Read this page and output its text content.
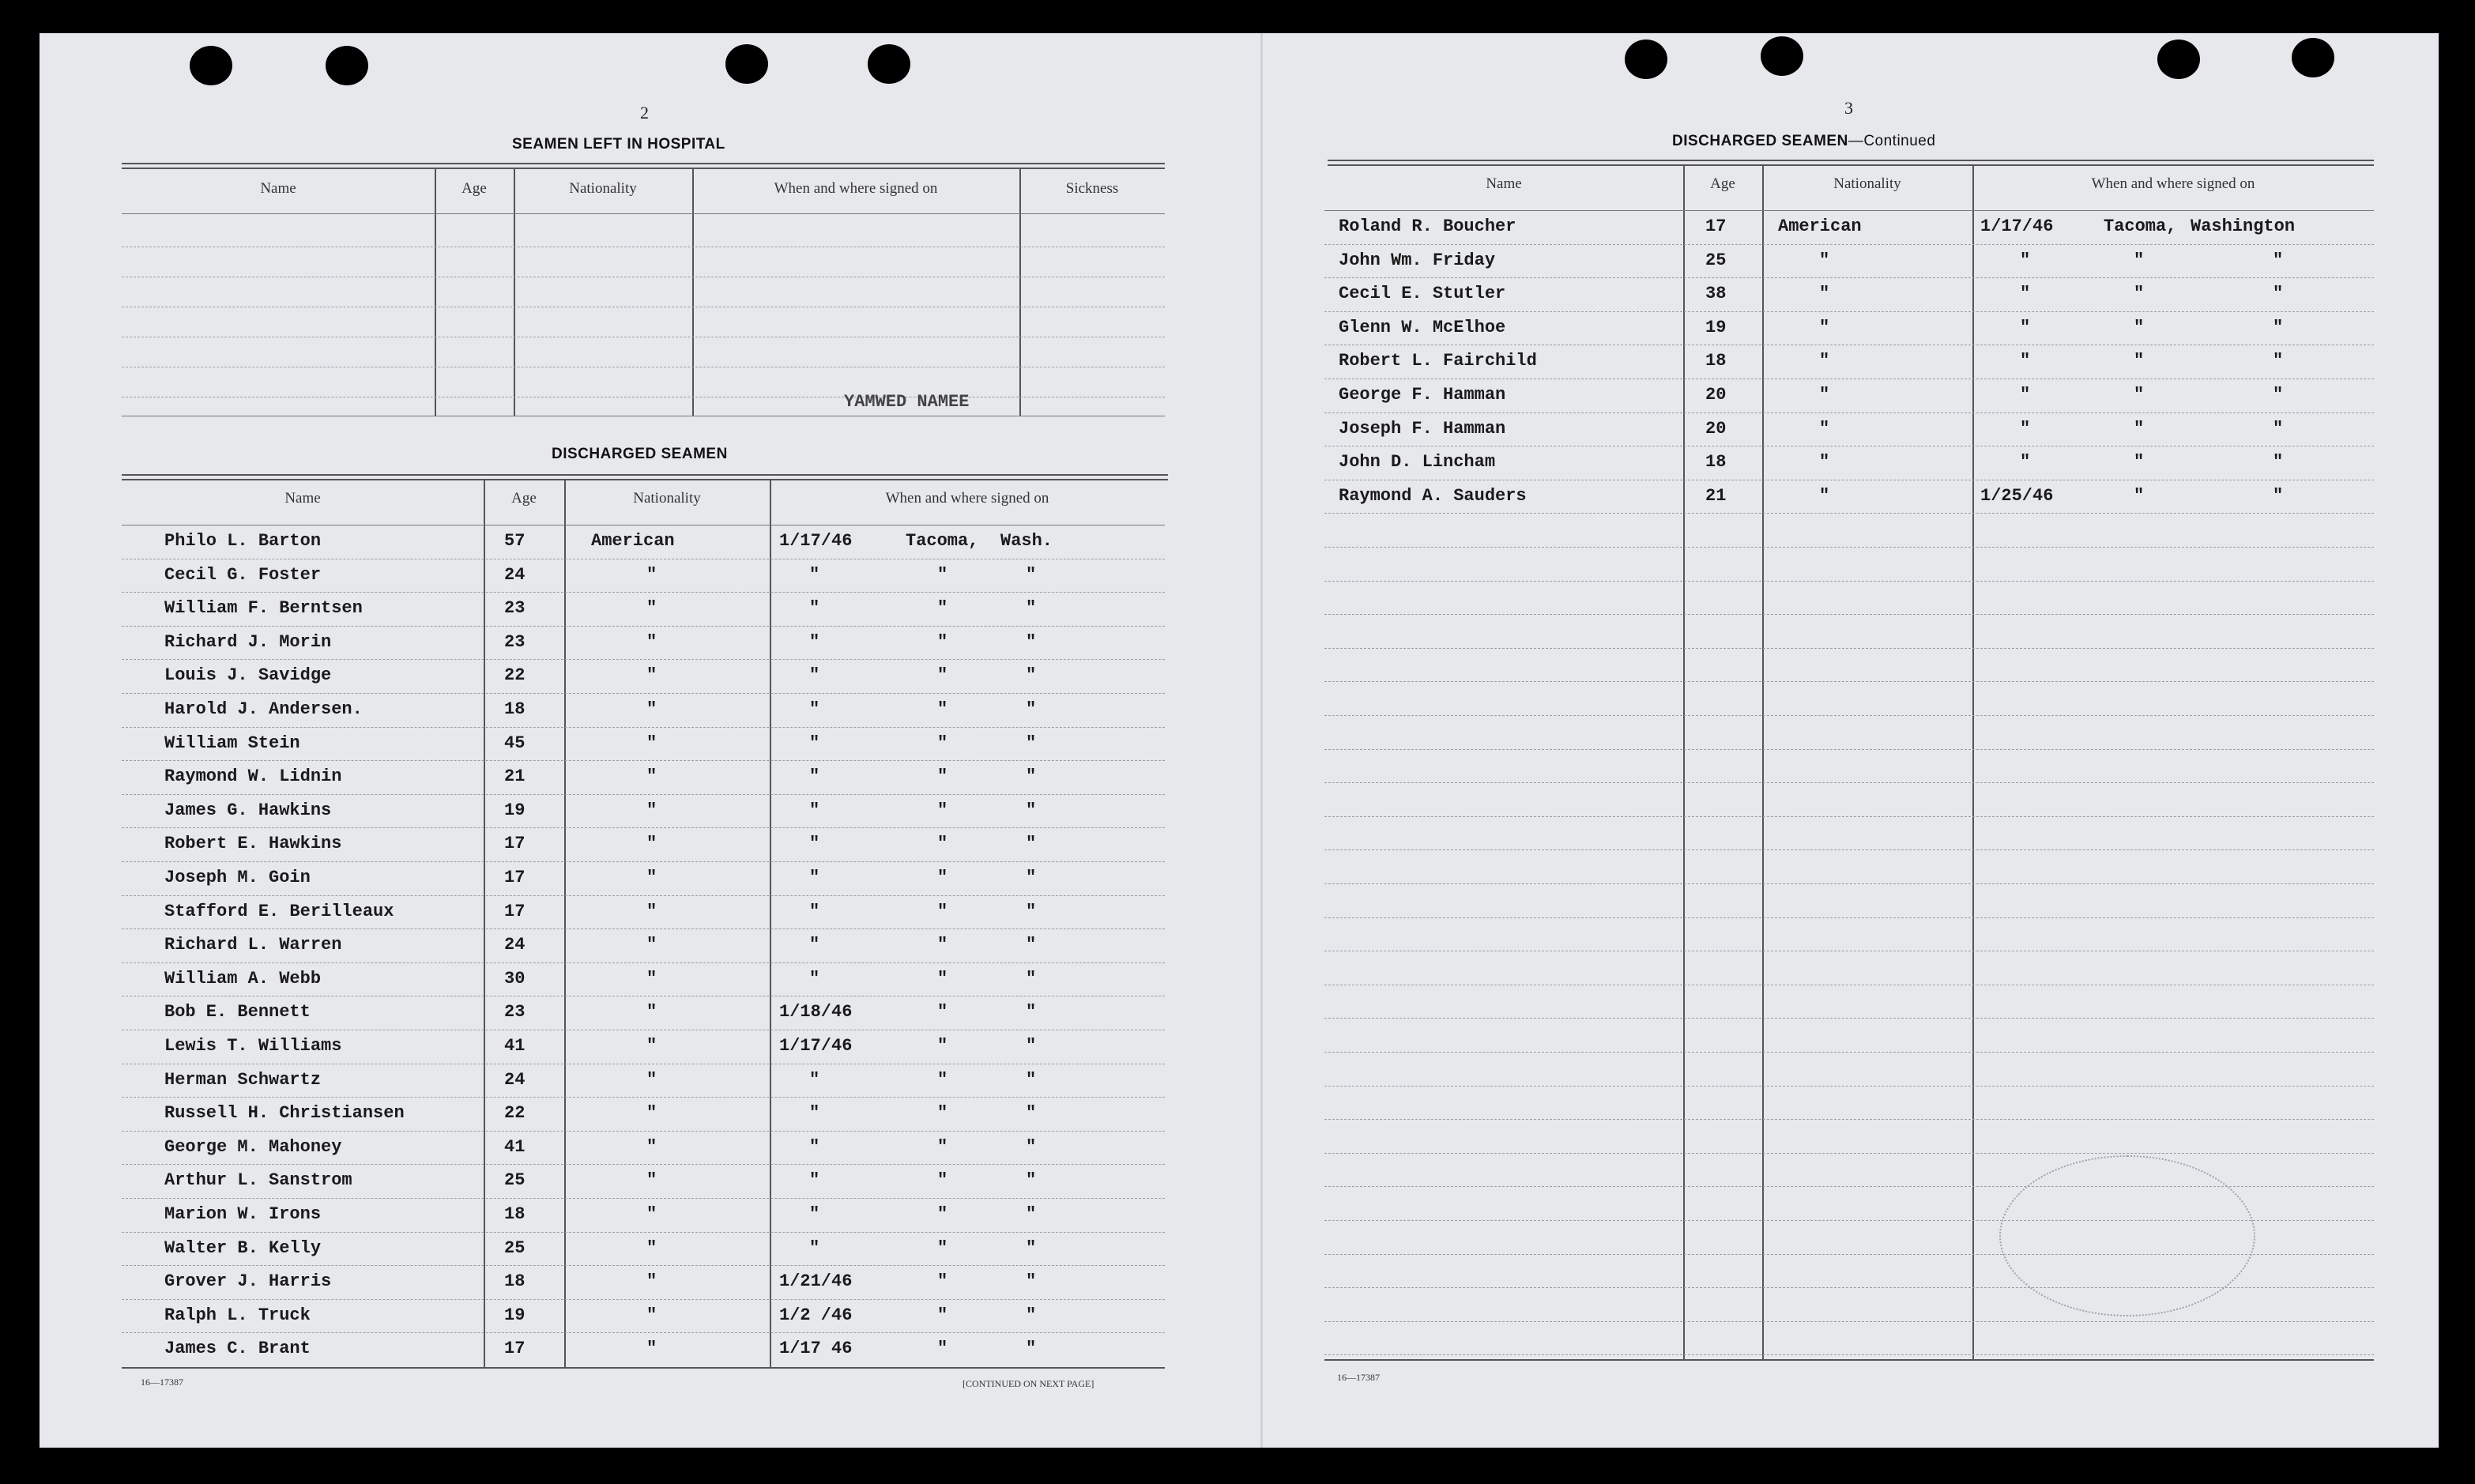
2
SEAMEN LEFT IN HOSPITAL
Name	Age	Nationality	When and where signed on	Sickness
YAMWED NAMEE
DISCHARGED SEAMEN
Name	Age	Nationality	When and where signed on
Philo L. Barton	57	American	1/17/46	Tacoma, Wash.
Cecil G. Foster	24	"	"	"	"
William F. Berntsen	23	"	"	"	"
Richard J. Morin	23	"	"	"	"
Louis J. Savidge	22	"	"	"	"
Harold J. Andersen.	18	"	"	"	"
William Stein	45	"	"	"	"
Raymond W. Lidnin	21	"	"	"	"
James G. Hawkins	19	"	"	"	"
Robert E. Hawkins	17	"	"	"	"
Joseph M. Goin	17	"	"	"	"
Stafford E. Berilleaux	17	"	"	"	"
Richard L. Warren	24	"	"	"	"
William A. Webb	30	"	"	"	"
Bob E. Bennett	23	"	1/18/46	"	"
Lewis T. Williams	41	"	1/17/46	"	"
Herman Schwartz	24	"	"	"	"
Russell H. Christiansen	22	"	"	"	"
George M. Mahoney	41	"	"	"	"
Arthur L. Sanstrom	25	"	"	"	"
Marion W. Irons	18	"	"	"	"
Walter B. Kelly	25	"	"	"	"
Grover J. Harris	18	"	1/21/46	"	"
Ralph L. Truck	19	"	1/2 /46	"	"
James C. Brant	17	"	1/17 46	"	"
16—17387	[CONTINUED ON NEXT PAGE]
3
DISCHARGED SEAMEN—Continued
Name	Age	Nationality	When and where signed on
Roland R. Boucher	17	American	1/17/46	Tacoma, Washington
John Wm. Friday	25	"	"	"	"
Cecil E. Stutler	38	"	"	"	"
Glenn W. McElhoe	19	"	"	"	"
Robert L. Fairchild	18	"	"	"	"
George F. Hamman	20	"	"	"	"
Joseph F. Hamman	20	"	"	"	"
John D. Lincham	18	"	"	"	"
Raymond A. Sauders	21	"	1/25/46	"	"
16—17387
